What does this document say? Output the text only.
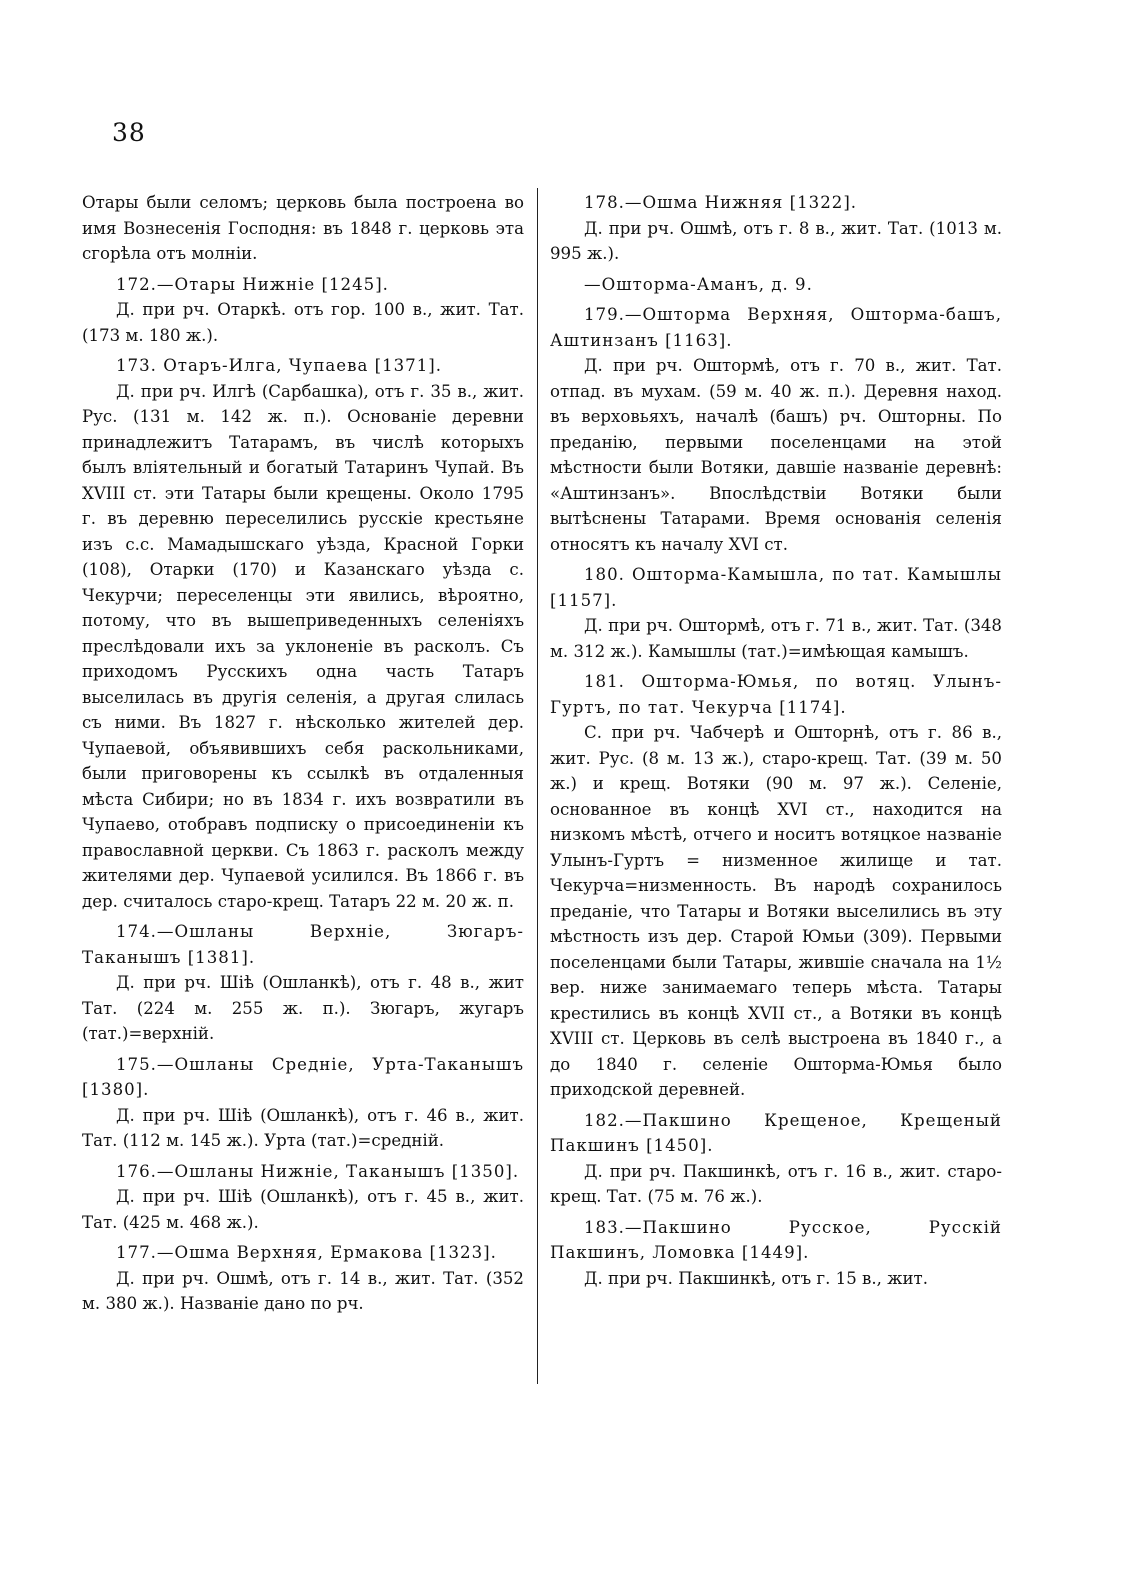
38

Отары были селомъ; церковь была построена во имя Вознесенія Господня: въ 1848 г. церковь эта сгорѣла отъ молніи.

172.—Отары Нижніе [1245].

Д. при рч. Отаркѣ. отъ гор. 100 в., жит. Тат. (173 м. 180 ж.).

173. Отаръ-Илга, Чупаева [1371].

Д. при рч. Илгѣ (Сарбашка), отъ г. 35 в., жит. Рус. (131 м. 142 ж. п.). Основаніе деревни принадлежитъ Татарамъ, въ числѣ которыхъ былъ вліятельный и богатый Татаринъ Чупай. Въ XVIII ст. эти Татары были крещены. Около 1795 г. въ деревню переселились русскіе крестьяне изъ с.с. Мамадышскаго уѣзда, Красной Горки (108), Отарки (170) и Казанскаго уѣзда с. Чекурчи; переселенцы эти явились, вѣроятно, потому, что въ вышеприведенныхъ селеніяхъ преслѣдовали ихъ за уклоненіе въ расколъ. Съ приходомъ Русскихъ одна часть Татаръ выселилась въ другія селенія, а другая слилась съ ними. Въ 1827 г. нѣсколько жителей дер. Чупаевой, объявившихъ себя раскольниками, были приговорены къ ссылкѣ въ отдаленныя мѣста Сибири; но въ 1834 г. ихъ возвратили въ Чупаево, отобравъ подписку о присоединеніи къ православной церкви. Съ 1863 г. расколъ между жителями дер. Чупаевой усилился. Въ 1866 г. въ дер. считалось старо-крещ. Татаръ 22 м. 20 ж. п.

174.—Ошланы Верхніе, Зюгаръ-Таканышъ [1381].

Д. при рч. Шіѣ (Ошланкѣ), отъ г. 48 в., жит Тат. (224 м. 255 ж. п.). Зюгаръ, жугаръ (тат.)=верхній.

175.—Ошланы Среднiе, Урта-Таканышъ [1380].

Д. при рч. Шіѣ (Ошланкѣ), отъ г. 46 в., жит. Тат. (112 м. 145 ж.). Урта (тат.)=средній.

176.—Ошланы Нижніе, Таканышъ [1350].

Д. при рч. Шіѣ (Ошланкѣ), отъ г. 45 в., жит. Тат. (425 м. 468 ж.).

177.—Ошма Верхняя, Ермакова [1323].

Д. при рч. Ошмѣ, отъ г. 14 в., жит. Тат. (352 м. 380 ж.). Названіе дано по рч.

178.—Ошма Нижняя [1322].

Д. при рч. Ошмѣ, отъ г. 8 в., жит. Тат. (1013 м. 995 ж.).

—Ошторма-Аманъ, д. 9.

179.—Ошторма Верхняя, Ошторма-башъ, Аштинзанъ [1163].

Д. при рч. Оштормѣ, отъ г. 70 в., жит. Тат. отпад. въ мухам. (59 м. 40 ж. п.). Деревня наход. въ верховьяхъ, началѣ (башъ) рч. Ошторны. По преданію, первыми поселенцами на этой мѣстности были Вотяки, давшіе названіе деревнѣ: «Аштинзанъ». Впослѣдствіи Вотяки были вытѣснены Татарами. Время основанія селенія относятъ къ началу XVI ст.

180. Ошторма-Камышла, по тат. Камышлы [1157].

Д. при рч. Оштормѣ, отъ г. 71 в., жит. Тат. (348 м. 312 ж.). Камышлы (тат.)=имѣющая камышъ.

181. Ошторма-Юмья, по вотяц. Улынъ-Гуртъ, по тат. Чекурча [1174].

С. при рч. Чабчерѣ и Ошторнѣ, отъ г. 86 в., жит. Рус. (8 м. 13 ж.), старо-крещ. Тат. (39 м. 50 ж.) и крещ. Вотяки (90 м. 97 ж.). Селеніе, основанное въ концѣ XVI ст., находится на низкомъ мѣстѣ, отчего и носитъ вотяцкое названіе Улынъ-Гуртъ = низменное жилище и тат. Чекурча=низменность. Въ народѣ сохранилось преданіе, что Татары и Вотяки выселились въ эту мѣстность изъ дер. Старой Юмьи (309). Первыми поселенцами были Татары, жившіе сначала на 1½ вер. ниже занимаемаго теперь мѣста. Татары крестились въ концѣ XVII ст., а Вотяки въ концѣ XVIII ст. Церковь въ селѣ выстроена въ 1840 г., а до 1840 г. селеніе Ошторма-Юмья было приходской деревней.

182.—Пакшино Крещеное, Крещеный Пакшинъ [1450].

Д. при рч. Пакшинкѣ, отъ г. 16 в., жит. старо-крещ. Тат. (75 м. 76 ж.).

183.—Пакшино Русское, Русскій Пакшинъ, Ломовка [1449].

Д. при рч. Пакшинкѣ, отъ г. 15 в., жит.
